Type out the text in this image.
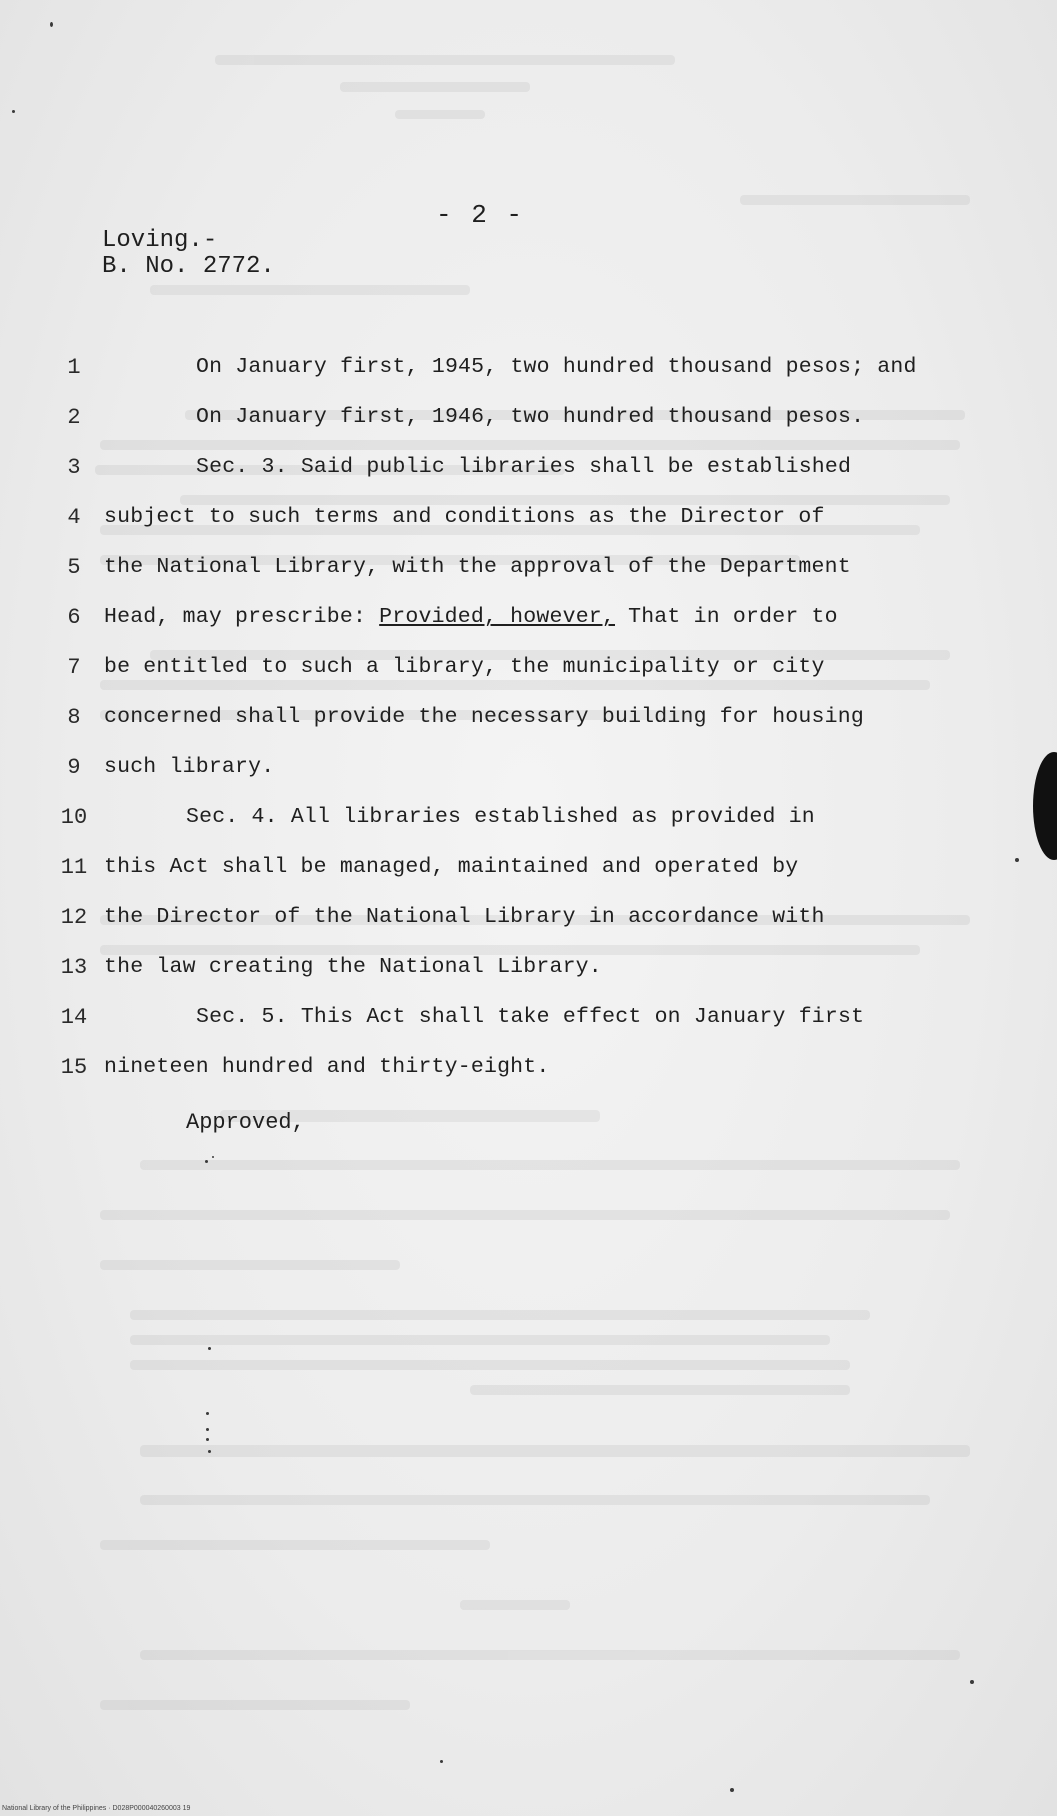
- 2 -
Loving.-
B. No. 2772.
1	On January first, 1945, two hundred thousand pesos; and
2	On January first, 1946, two hundred thousand pesos.
3	Sec. 3. Said public libraries shall be established
4	subject to such terms and conditions as the Director of
5	the National Library, with the approval of the Department
6	Head, may prescribe: Provided, however, That in order to
7	be entitled to such a library, the municipality or city
8	concerned shall provide the necessary building for housing
9	such library.
10	Sec. 4. All libraries established as provided in
11 this Act shall be managed, maintained and operated by
12 the Director of the National Library in accordance with
13 the law creating the National Library.
14	Sec. 5. This Act shall take effect on January first
15 nineteen hundred and thirty-eight.
Approved,
National Library of the Philippines · D028P000040260003 19
